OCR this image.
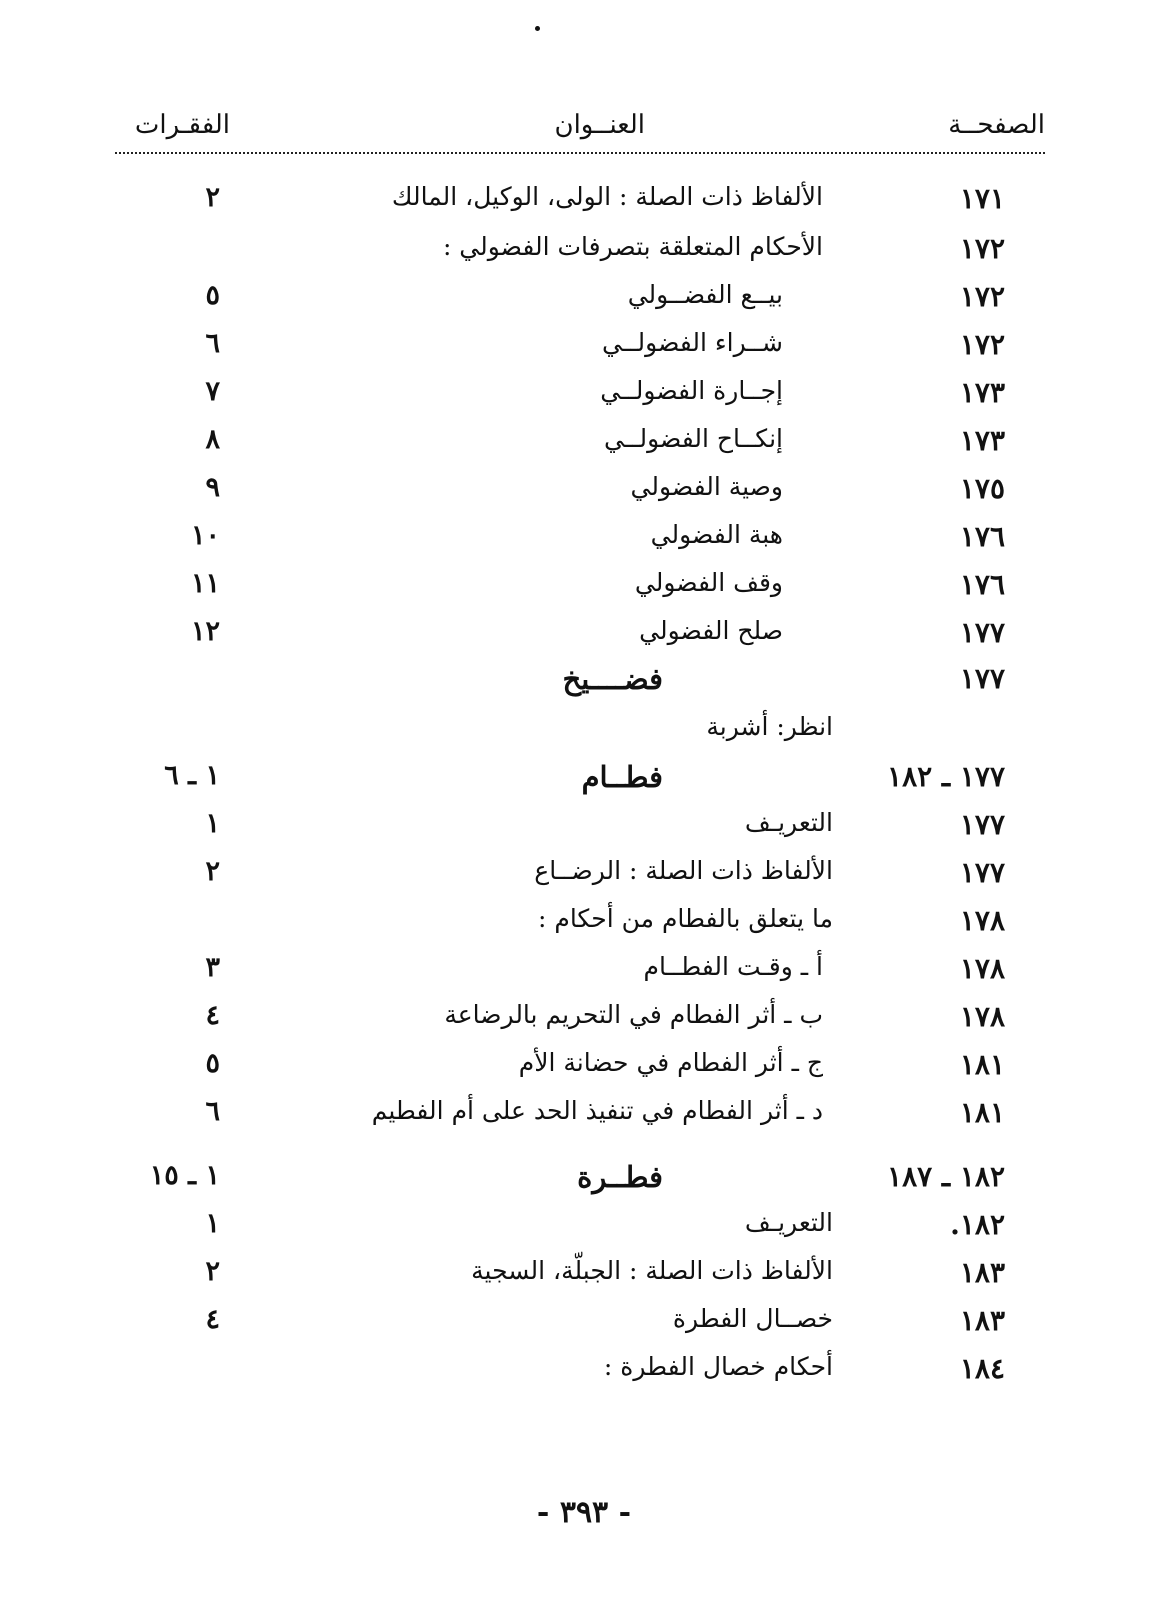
الصفحــة
العنــوان
الفقـرات
١٧١
الألفاظ ذات الصلة : الولى، الوكيل، المالك
٢
١٧٢
الأحكام المتعلقة بتصرفات الفضولي :
١٧٢
بيــع الفضــولي
٥
١٧٢
شــراء الفضولــي
٦
١٧٣
إجــارة الفضولــي
٧
١٧٣
إنكــاح الفضولــي
٨
١٧٥
وصية الفضولي
٩
١٧٦
هبة الفضولي
١٠
١٧٦
وقف الفضولي
١١
١٧٧
صلح الفضولي
١٢
١٧٧
فضــــيخ
انظر: أشربة
١٧٧ ـ ١٨٢
فطــام
١ ـ ٦
١٧٧
التعريـف
١
١٧٧
الألفاظ ذات الصلة : الرضــاع
٢
١٧٨
ما يتعلق بالفطام من أحكام :
١٧٨
أ ـ وقـت الفطــام
٣
١٧٨
ب ـ أثر الفطام في التحريم بالرضاعة
٤
١٨١
ج ـ أثر الفطام في حضانة الأم
٥
١٨١
د ـ أثر الفطام في تنفيذ الحد على أم الفطيم
٦
١٨٢ ـ ١٨٧
فطــرة
١ ـ ١٥
١٨٢.
التعريـف
١
١٨٣
الألفاظ ذات الصلة : الجبلّة، السجية
٢
١٨٣
خصــال الفطرة
٤
١٨٤
أحكام خصال الفطرة :
- ٣٩٣ -
